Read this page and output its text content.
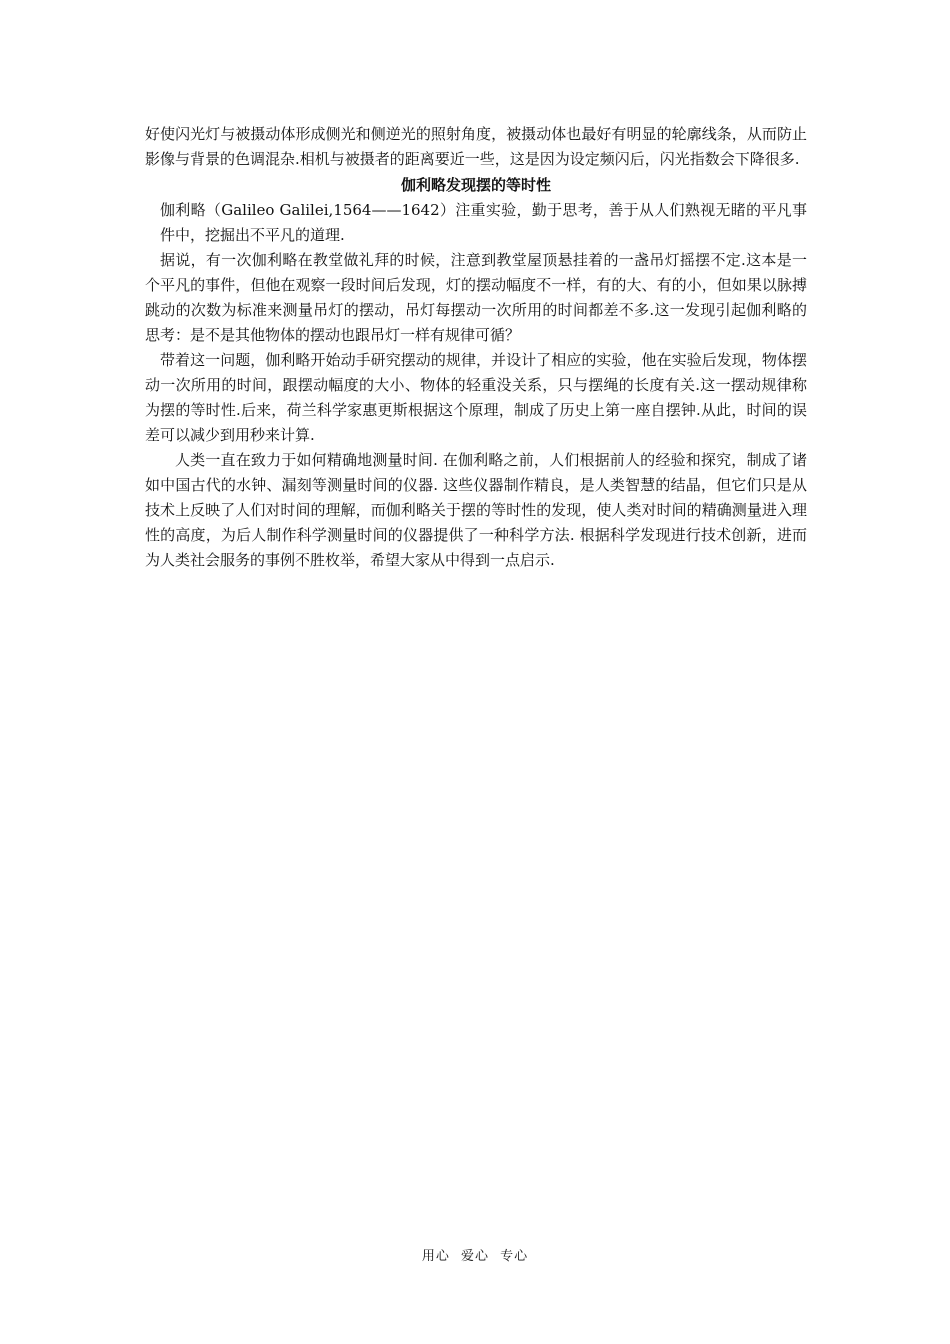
好使闪光灯与被摄动体形成侧光和侧逆光的照射角度，被摄动体也最好有明显的轮廓线条，从而防止影像与背景的色调混杂.相机与被摄者的距离要近一些，这是因为设定频闪后，闪光指数会下降很多.

伽利略发现摆的等时性

伽利略（Galileo Galilei,1564——1642）注重实验，勤于思考，善于从人们熟视无睹的平凡事件中，挖掘出不平凡的道理.

据说，有一次伽利略在教堂做礼拜的时候，注意到教堂屋顶悬挂着的一盏吊灯摇摆不定.这本是一个平凡的事件，但他在观察一段时间后发现，灯的摆动幅度不一样，有的大、有的小，但如果以脉搏跳动的次数为标准来测量吊灯的摆动，吊灯每摆动一次所用的时间都差不多.这一发现引起伽利略的思考：是不是其他物体的摆动也跟吊灯一样有规律可循？

带着这一问题，伽利略开始动手研究摆动的规律，并设计了相应的实验，他在实验后发现，物体摆动一次所用的时间，跟摆动幅度的大小、物体的轻重没关系，只与摆绳的长度有关.这一摆动规律称为摆的等时性.后来，荷兰科学家惠更斯根据这个原理，制成了历史上第一座自摆钟.从此，时间的误差可以减少到用秒来计算.

人类一直在致力于如何精确地测量时间. 在伽利略之前，人们根据前人的经验和探究，制成了诸如中国古代的水钟、漏刻等测量时间的仪器. 这些仪器制作精良，是人类智慧的结晶，但它们只是从技术上反映了人们对时间的理解，而伽利略关于摆的等时性的发现，使人类对时间的精确测量进入理性的高度，为后人制作科学测量时间的仪器提供了一种科学方法. 根据科学发现进行技术创新，进而为人类社会服务的事例不胜枚举，希望大家从中得到一点启示.

用心 爱心 专心
